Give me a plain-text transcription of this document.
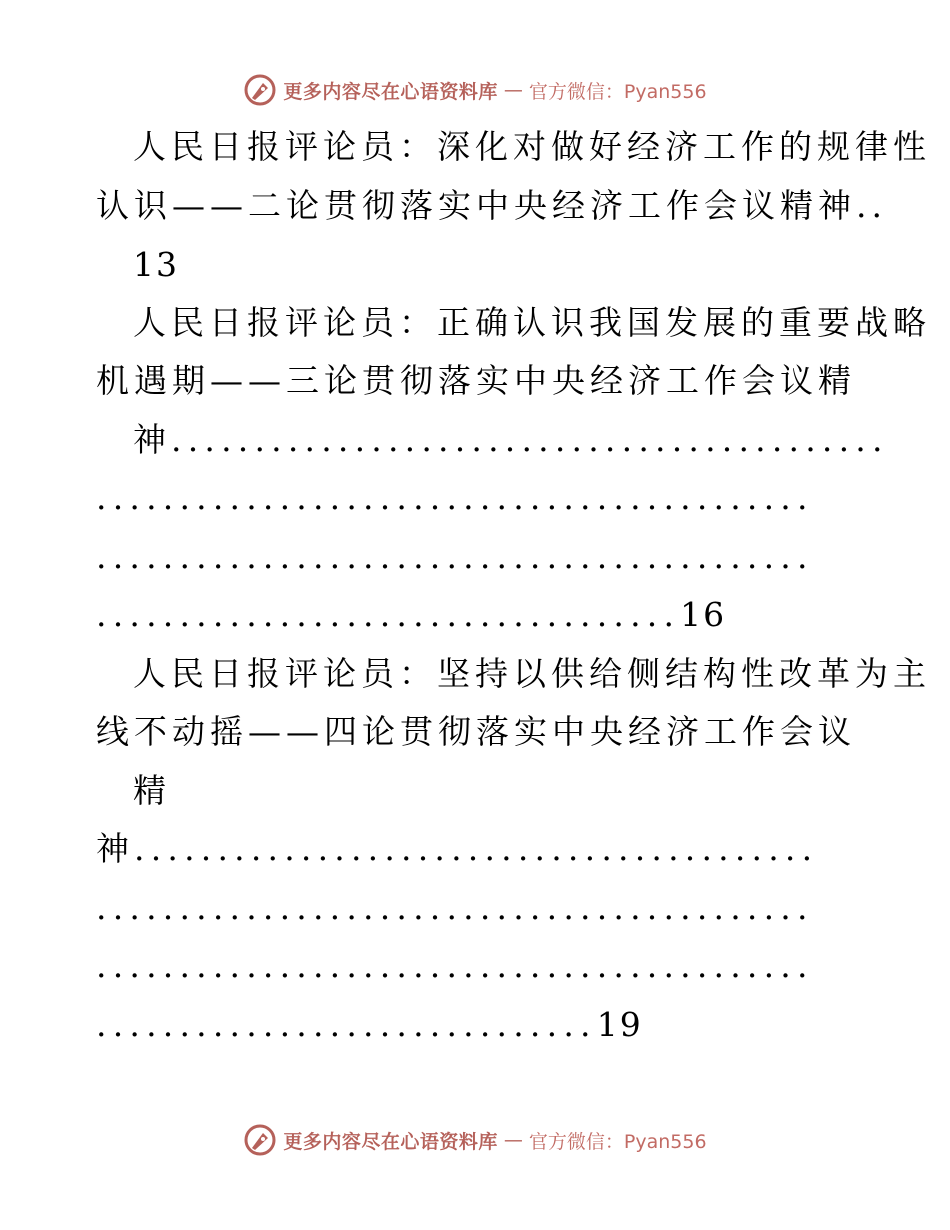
更多内容尽在心语资料库 — 官方微信：Pyan556
人民日报评论员：深化对做好经济工作的规律性
认识——二论贯彻落实中央经济工作会议精神..
13
人民日报评论员：正确认识我国发展的重要战略
机遇期——三论贯彻落实中央经济工作会议精
神...........................................
...........................................
...........................................
...................................16
人民日报评论员：坚持以供给侧结构性改革为主
线不动摇——四论贯彻落实中央经济工作会议
精
神.........................................
...........................................
...........................................
..............................19
更多内容尽在心语资料库 — 官方微信：Pyan556
